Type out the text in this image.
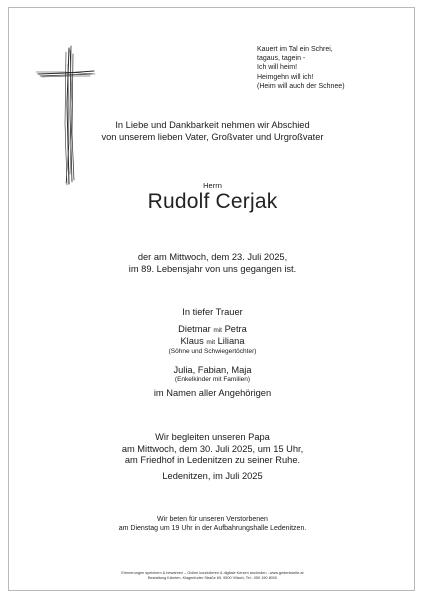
Kauert im Tal ein Schrei,
tagaus, tagein -
Ich will heim!
Heimgehn will ich!
(Heim will auch der Schnee)
In Liebe und Dankbarkeit nehmen wir Abschied
von unserem lieben Vater, Großvater und Urgroßvater
Herrn
Rudolf Cerjak
der am Mittwoch, dem 23. Juli 2025,
im 89. Lebensjahr von uns gegangen ist.
In tiefer Trauer
Dietmar mit Petra
Klaus mit Liliana
(Söhne und Schwiegertöchter)
Julia, Fabian, Maja
(Enkelkinder mit Familien)
im Namen aller Angehörigen
Wir begleiten unseren Papa
am Mittwoch, dem 30. Juli 2025, um 15 Uhr,
am Friedhof in Ledenitzen zu seiner Ruhe.
Ledenitzen, im Juli 2025
Wir beten für unseren Verstorbenen
am Dienstag um 19 Uhr in der Aufbahrungshalle Ledenitzen.
Erinnerungen speichern & bewahren – Online kondolieren & digitale Kerzen anzünden - www.gedenkseite.at
Bestattung Kärnten, Klagenfurter Straße 69, 9500 Villach, Tel.: 050 190 8000
